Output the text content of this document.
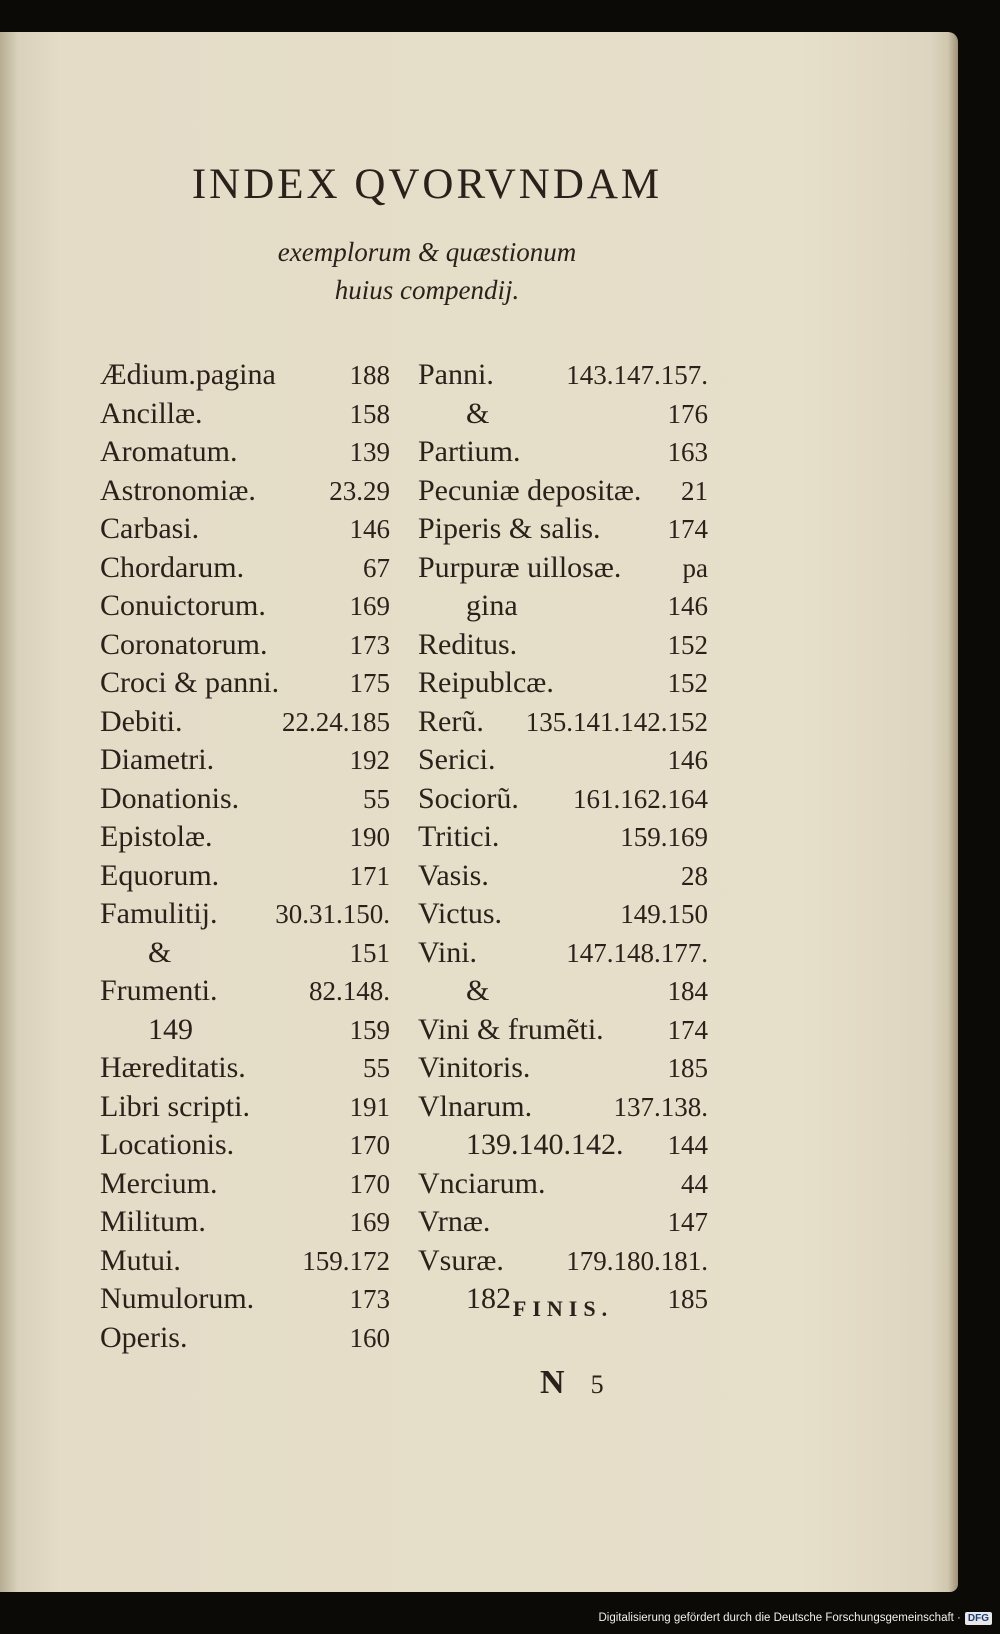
INDEX QVORVNDAM
exemplorum & quæstionum
huius compendij.
Ædium.pagina	188
Ancillæ.	158
Aromatum.	139
Astronomiæ.	23.29
Carbasi.	146
Chordarum.	67
Conuictorum.	169
Coronatorum.	173
Croci & panni.	175
Debiti.	22.24.185
Diametri.	192
Donationis.	55
Epistolæ.	190
Equorum.	171
Famulitij. 30.31.150.
&	151
Frumenti.	82.148.
149	159
Hæreditatis.	55
Libri scripti.	191
Locationis.	170
Mercium.	170
Militum.	169
Mutui.	159.172
Numulorum.	173
Operis.	160
Panni.	143.147.157.
&	176
Partium.	163
Pecuniæ depositæ. 21
Piperis & salis. 174
Purpuræ uillosæ. pa
gina	146
Reditus.	152
Reipublcæ.	152
Rerũ. 135.141.142.152
Serici.	146
Sociorũ. 161.162.164
Tritici.	159.169
Vasis.	28
Victus.	149.150
Vini.	147.148.177.
&	184
Vini & frumẽti. 174
Vinitoris.	185
Vlnarum.	137.138.
139.140.142. 144
Vnciarum.	44
Vrnæ.	147
Vsuræ. 179.180.181.
182	185
FINIS.
N 5
Digitalisierung gefördert durch die Deutsche Forschungsgemeinschaft · DFG
